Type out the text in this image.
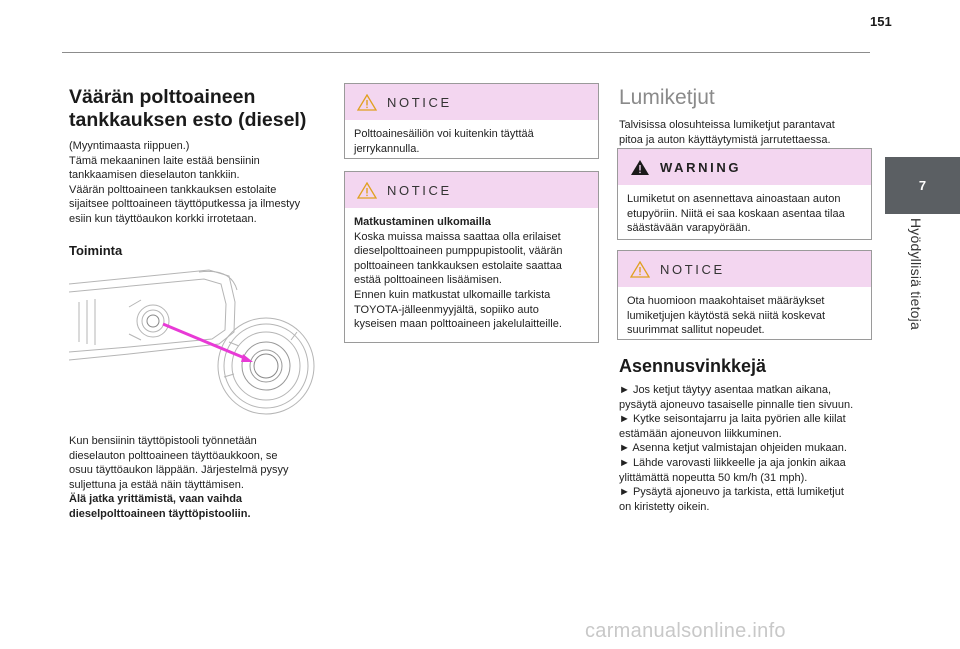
151
7
Hyödyllisiä tietoja
Väärän polttoaineen
tankkauksen esto (diesel)

(Myyntimaasta riippuen.)
Tämä mekaaninen laite estää bensiinin
tankkaamisen dieselauton tankkiin.
Väärän polttoaineen tankkauksen estolaite
sijaitsee polttoaineen täyttöputkessa ja ilmestyy
esiin kun täyttöaukon korkki irrotetaan.

Toiminta

Kun bensiinin täyttöpistooli työnnetään
dieselauton polttoaineen täyttöaukkoon, se
osuu täyttöaukon läppään. Järjestelmä pysyy
suljettuna ja estää näin täyttämisen.

Älä jatka yrittämistä, vaan vaihda
dieselpolttoaineen täyttöpistooliin.

NOTICE
Polttoainesäiliön voi kuitenkin täyttää
jerrykannulla.
NOTICE
Matkustaminen ulkomailla
Koska muissa maissa saattaa olla erilaiset
dieselpolttoaineen pumppupistoolit, väärän
polttoaineen tankkauksen estolaite saattaa
estää polttoaineen lisäämisen.
Ennen kuin matkustat ulkomaille tarkista
TOYOTA-jälleenmyyjältä, sopiiko auto
kyseisen maan polttoaineen jakelulaitteille.
Lumiketjut

Talvisissa olosuhteissa lumiketjut parantavat
pitoa ja auton käyttäytymistä jarrutettaessa.

WARNING
Lumiketut on asennettava ainoastaan auton
etupyöriin. Niitä ei saa koskaan asentaa tilaa
säästävään varapyörään.
NOTICE
Ota huomioon maakohtaiset määräykset
lumiketjujen käytöstä sekä niitä koskevat
suurimmat sallitut nopeudet.
Asennusvinkkejä

► Jos ketjut täytyy asentaa matkan aikana,
pysäytä ajoneuvo tasaiselle pinnalle tien sivuun.
► Kytke seisontajarru ja laita pyörien alle kiilat
estämään ajoneuvon liikkuminen.
► Asenna ketjut valmistajan ohjeiden mukaan.
► Lähde varovasti liikkeelle ja aja jonkin aikaa
ylittämättä nopeutta 50 km/h (31 mph).
► Pysäytä ajoneuvo ja tarkista, että lumiketjut
on kiristetty oikein.

carmanualsonline.info
